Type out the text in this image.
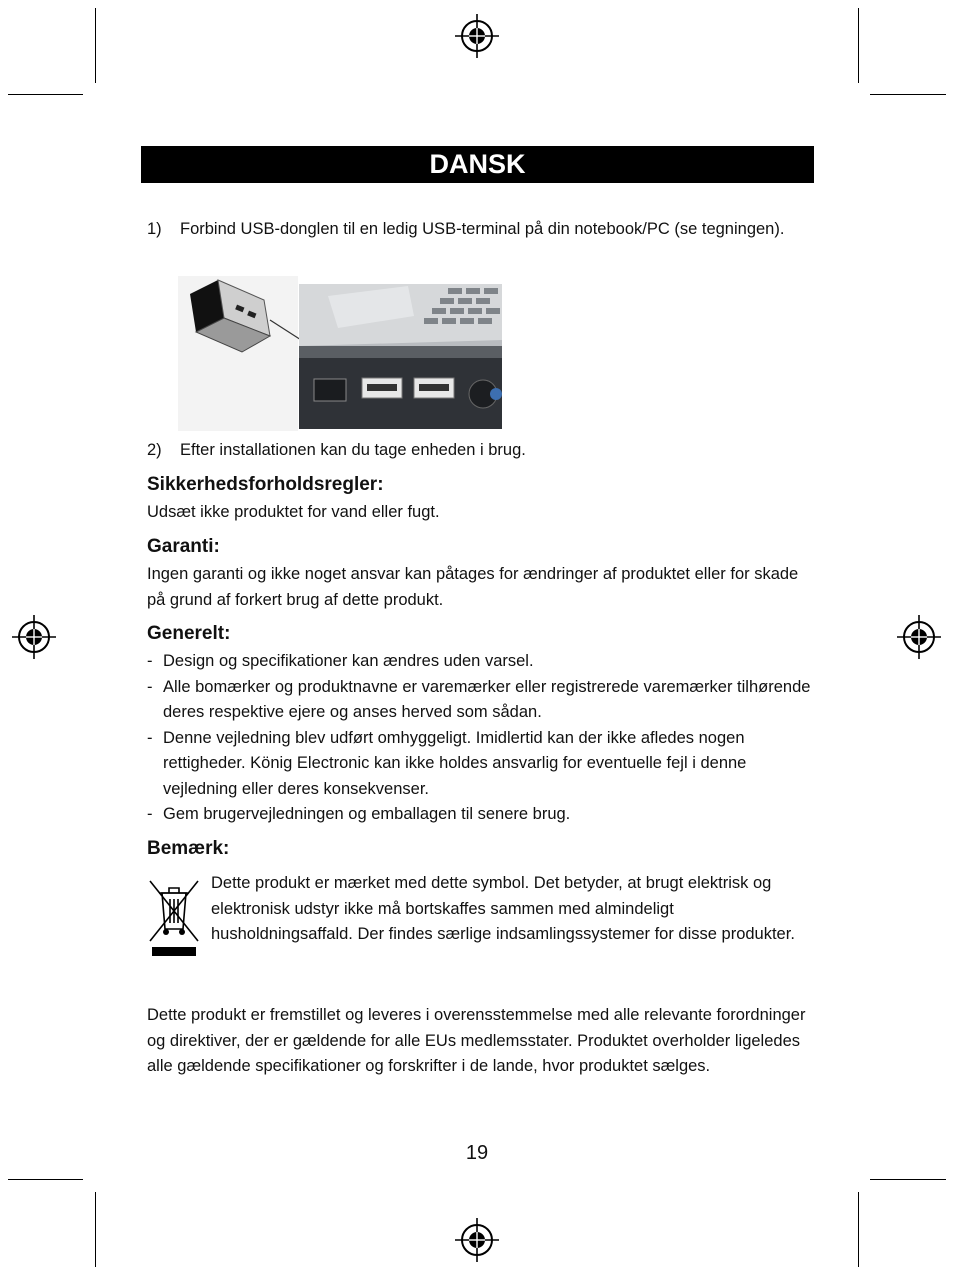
DANSK
1) Forbind USB-donglen til en ledig USB-terminal på din notebook/PC (se tegningen).
2) Efter installationen kan du tage enheden i brug.
Sikkerhedsforholdsregler:
Udsæt ikke produktet for vand eller fugt.
Garanti:
Ingen garanti og ikke noget ansvar kan påtages for ændringer af produktet eller for skade på grund af forkert brug af dette produkt.
Generelt:
- Design og specifikationer kan ændres uden varsel.
- Alle bomærker og produktnavne er varemærker eller registrerede varemærker tilhørende deres respektive ejere og anses herved som sådan.
- Denne vejledning blev udført omhyggeligt. Imidlertid kan der ikke afledes nogen rettigheder. König Electronic kan ikke holdes ansvarlig for eventuelle fejl i denne vejledning eller deres konsekvenser.
- Gem brugervejledningen og emballagen til senere brug.
Bemærk:
Dette produkt er mærket med dette symbol. Det betyder, at brugt elektrisk og elektronisk udstyr ikke må bortskaffes sammen med almindeligt husholdningsaffald. Der findes særlige indsamlingssystemer for disse produkter.
Dette produkt er fremstillet og leveres i overensstemmelse med alle relevante forordninger og direktiver, der er gældende for alle EUs medlemsstater. Produktet overholder ligeledes alle gældende specifikationer og forskrifter i de lande, hvor produktet sælges.
19
